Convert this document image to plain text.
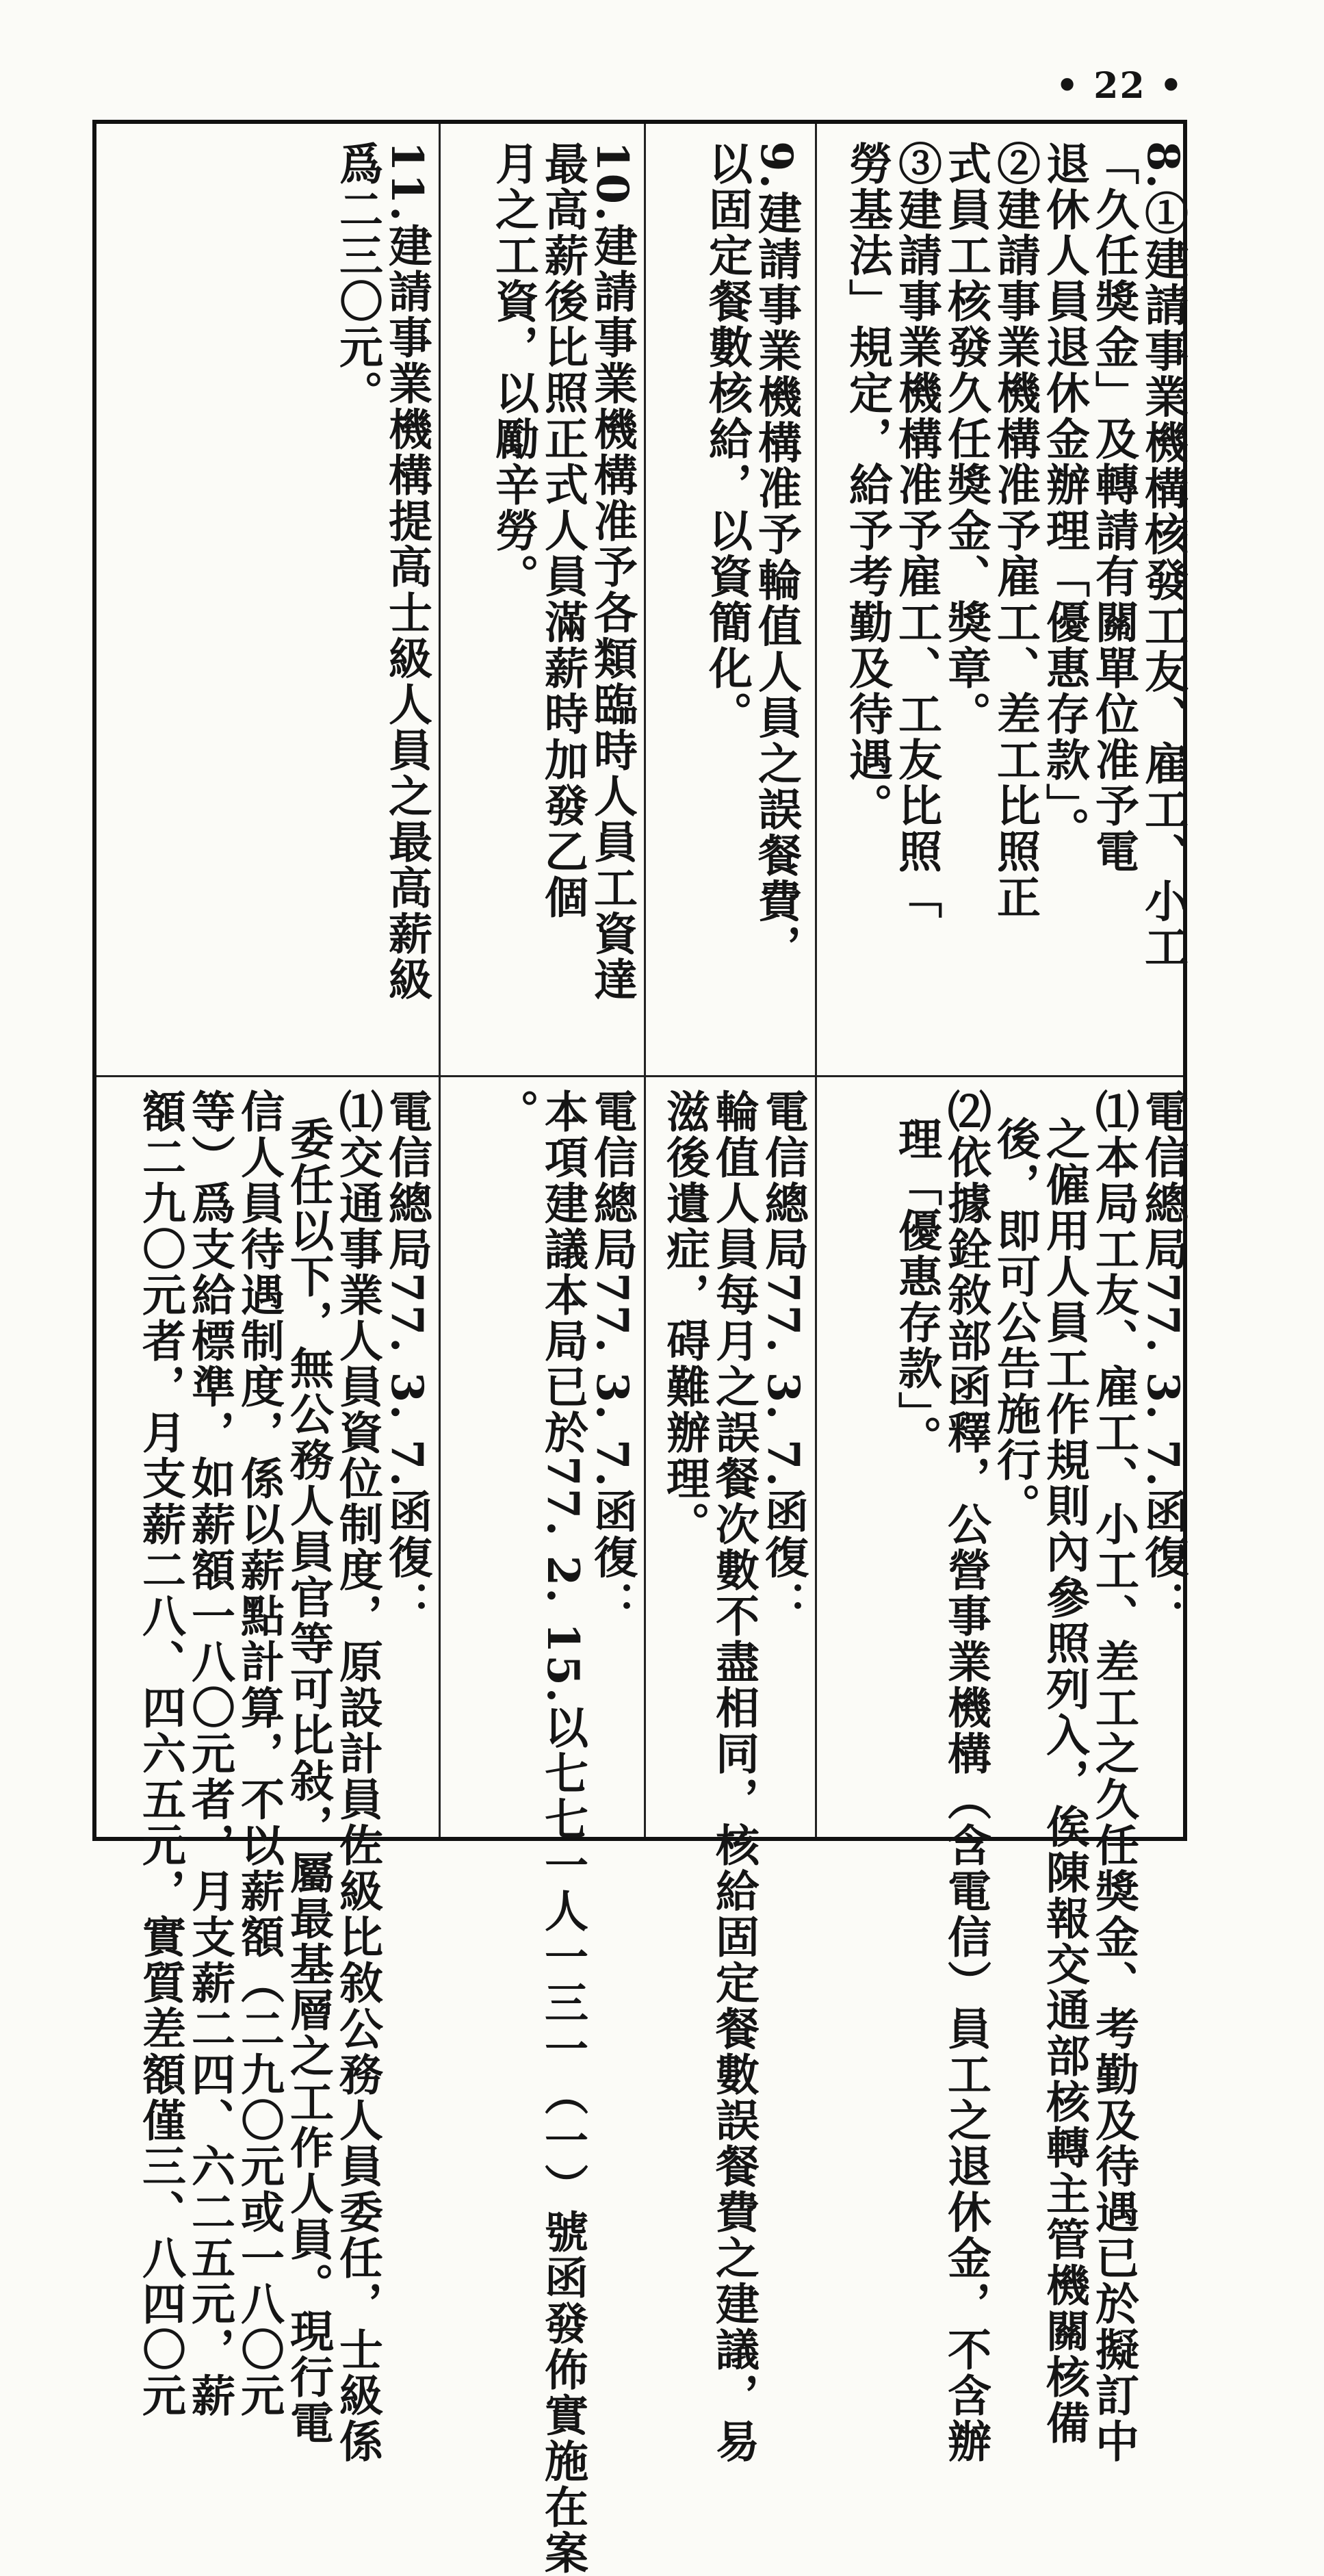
• 22 •
8.①建請事業機構核發工友、雇工、小工
「久任獎金」及轉請有關單位准予電
退休人員退休金辦理「優惠存款」。
②建請事業機構准予雇工、差工比照正
式員工核發久任獎金、獎章。
③建請事業機構准予雇工、工友比照「
勞基法」規定，給予考勤及待遇。
9.建請事業機構准予輪值人員之誤餐費，
以固定餐數核給，以資簡化。
10.建請事業機構准予各類臨時人員工資達
最高薪後比照正式人員滿薪時加發乙個
月之工資，以勵辛勞。
11.建請事業機構提高士級人員之最高薪級
爲二三〇元。
電信總局77. 3. 7.函復：
⑴本局工友、雇工、小工、差工之久任獎金、考勤及待遇已於擬訂中
之僱用人員工作規則內參照列入，俟陳報交通部核轉主管機關核備
後，即可公告施行。
⑵依據銓敘部函釋，公營事業機構（含電信）員工之退休金，不含辦
理「優惠存款」。
電信總局77. 3. 7.函復：
輪值人員每月之誤餐次數不盡相同，核給固定餐數誤餐費之建議，易
滋後遺症，碍難辦理。
電信總局77. 3. 7.函復：
本項建議本局已於77. 2. 15.以七七一人一三一（一）號函發佈實施在案
。
電信總局77. 3. 7.函復：
⑴交通事業人員資位制度，原設計員佐級比敘公務人員委任，士級係
委任以下，無公務人員官等可比敍，屬最基層之工作人員。現行電
信人員待遇制度，係以薪點計算，不以薪額（二九〇元或一八〇元
等）爲支給標準，如薪額一八〇元者，月支薪二四、六二五元，薪
額二九〇元者，月支薪二八、四六五元，實質差額僅三、八四〇元
